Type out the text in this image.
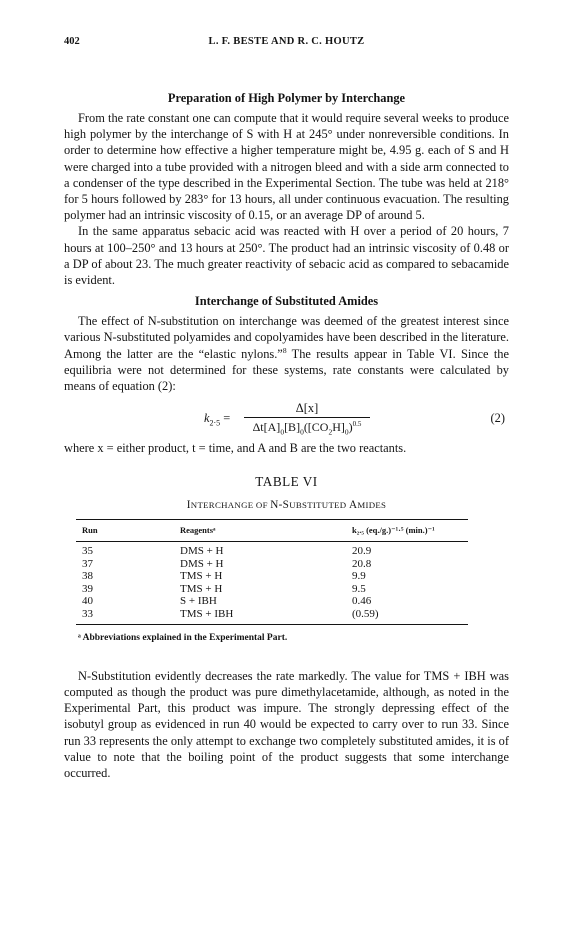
402	L. F. BESTE AND R. C. HOUTZ
Preparation of High Polymer by Interchange

From the rate constant one can compute that it would require several weeks to produce high polymer by the interchange of S with H at 245° under nonreversible conditions. In order to determine how effective a higher temperature might be, 4.95 g. each of S and H were charged into a tube provided with a nitrogen bleed and with a side arm connected to a condenser of the type described in the Experimental Section. The tube was held at 218° for 5 hours followed by 283° for 13 hours, all under continuous evacuation. The resulting polymer had an intrinsic viscosity of 0.15, or an average DP of around 5.

In the same apparatus sebacic acid was reacted with H over a period of 20 hours, 7 hours at 100–250° and 13 hours at 250°. The product had an intrinsic viscosity of 0.48 or a DP of about 23. The much greater reactivity of sebacic acid as compared to sebacamide is evident.

Interchange of Substituted Amides

The effect of N-substitution on interchange was deemed of the greatest interest since various N-substituted polyamides and copolyamides have been described in the literature. Among the latter are the “elastic nylons.”$^8$ The results appear in Table VI. Since the equilibria were not determined for these systems, rate constants were calculated by means of equation (2):

$k_{2\cdot 5} = \frac{\Delta[x]}{\Delta t[A]_0[B]_0([CO_2H]_0)^{0.5}}$	(2)

where x = either product, t = time, and A and B are the two reactants.

TABLE VI
INTERCHANGE OF N-SUBSTITUTED AMIDES
Run	Reagentsᵃ	k₂.₅ (eq./g.)⁻¹·⁵ (min.)⁻¹
35	DMS + H	20.9
37	DMS + H	20.8
38	TMS + H	9.9
39	TMS + H	9.5
40	S + IBH	0.46
33	TMS + IBH	(0.59)

ᵃ Abbreviations explained in the Experimental Part.

N-Substitution evidently decreases the rate markedly. The value for TMS + IBH was computed as though the product was pure dimethylacetamide, although, as noted in the Experimental Part, this product was impure. The strongly depressing effect of the isobutyl group as evidenced in run 40 would be expected to carry over to run 33. Since run 33 represents the only attempt to exchange two completely substituted amides, it is of value to note that the boiling point of the product suggests that some interchange occurred.
